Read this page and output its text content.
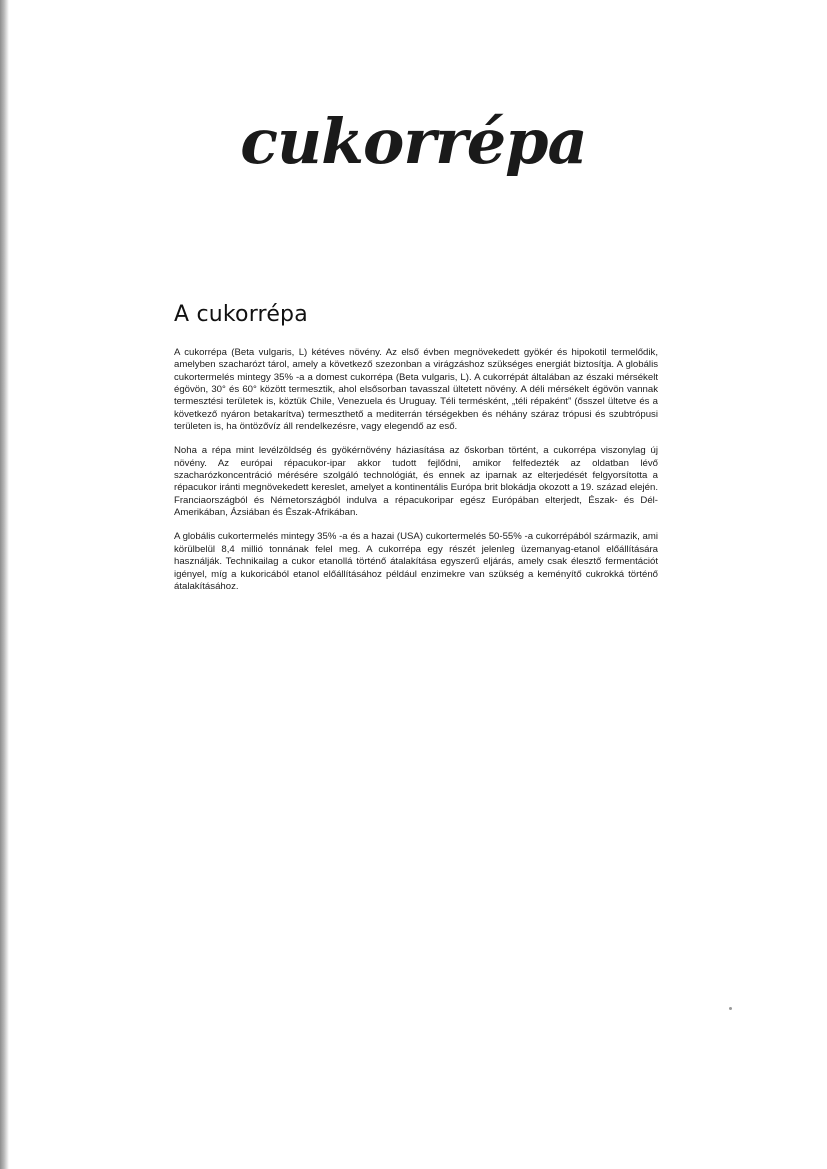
cukorrépa
A cukorrépa

A cukorrépa (Beta vulgaris, L) kétéves növény. Az első évben megnövekedett gyökér és hipokotil termelődik, amelyben szacharózt tárol, amely a következő szezonban a virágzáshoz szükséges energiát biztosítja. A globális cukortermelés mintegy 35% -a a domest cukorrépa (Beta vulgaris, L). A cukorrépát általában az északi mérsékelt égövön, 30° és 60° között termesztik, ahol elsősorban tavasszal ültetett növény. A déli mérsékelt égövön vannak termesztési területek is, köztük Chile, Venezuela és Uruguay. Téli termésként, „téli répaként” (ősszel ültetve és a következő nyáron betakarítva) termeszthető a mediterrán térségekben és néhány száraz trópusi és szubtrópusi területen is, ha öntözővíz áll rendelkezésre, vagy elegendő az eső.

Noha a répa mint levélzöldség és gyökérnövény háziasítása az őskorban történt, a cukorrépa viszonylag új növény. Az európai répacukor-ipar akkor tudott fejlődni, amikor felfedezték az oldatban lévő szacharózkoncentráció mérésére szolgáló technológiát, és ennek az iparnak az elterjedését felgyorsította a répacukor iránti megnövekedett kereslet, amelyet a kontinentális Európa brit blokádja okozott a 19. század elején. Franciaországból és Németországból indulva a répacukoripar egész Európában elterjedt, Észak- és Dél-Amerikában, Ázsiában és Észak-Afrikában.

A globális cukortermelés mintegy 35% -a és a hazai (USA) cukortermelés 50-55% -a cukorrépából származik, ami körülbelül 8,4 millió tonnának felel meg. A cukorrépa egy részét jelenleg üzemanyag-etanol előállítására használják. Technikailag a cukor etanollá történő átalakítása egyszerű eljárás, amely csak élesztő fermentációt igényel, míg a kukoricából etanol előállításához például enzimekre van szükség a keményítő cukrokká történő átalakításához.
